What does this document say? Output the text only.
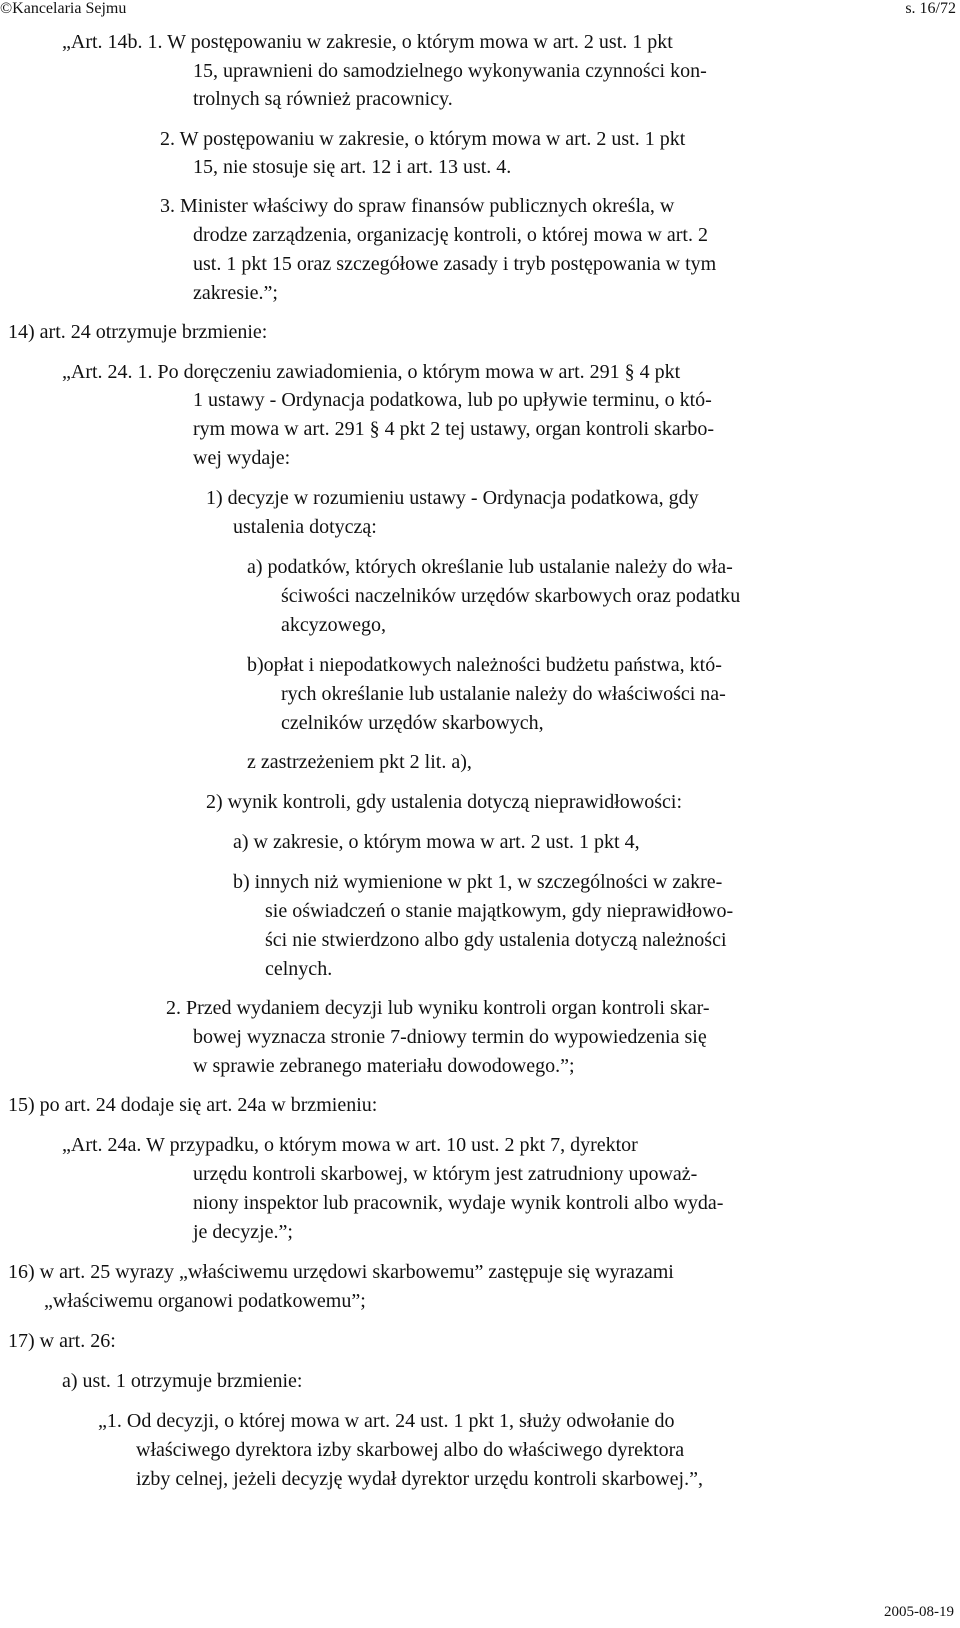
©Kancelaria Sejmu	s. 16/72
„Art. 14b. 1. W postępowaniu w zakresie, o którym mowa w art. 2 ust. 1 pkt
15, uprawnieni do samodzielnego wykonywania czynności kon-
trolnych są również pracownicy.
2. W postępowaniu w zakresie, o którym mowa w art. 2 ust. 1 pkt
15, nie stosuje się art. 12 i art. 13 ust. 4.
3. Minister właściwy do spraw finansów publicznych określa, w
drodze zarządzenia, organizację kontroli, o której mowa w art. 2
ust. 1 pkt 15 oraz szczegółowe zasady i tryb postępowania w tym
zakresie.”;
14) art. 24 otrzymuje brzmienie:
„Art. 24. 1. Po doręczeniu zawiadomienia, o którym mowa w art. 291 § 4 pkt
1 ustawy - Ordynacja podatkowa, lub po upływie terminu, o któ-
rym mowa w art. 291 § 4 pkt 2 tej ustawy, organ kontroli skarbo-
wej wydaje:
1) decyzje w rozumieniu ustawy - Ordynacja podatkowa, gdy
ustalenia dotyczą:
a) podatków, których określanie lub ustalanie należy do wła-
ściwości naczelników urzędów skarbowych oraz podatku
akcyzowego,
b)opłat i niepodatkowych należności budżetu państwa, któ-
rych określanie lub ustalanie należy do właściwości na-
czelników urzędów skarbowych,
z zastrzeżeniem pkt 2 lit. a),
2) wynik kontroli, gdy ustalenia dotyczą nieprawidłowości:
a) w zakresie, o którym mowa w art. 2 ust. 1 pkt 4,
b) innych niż wymienione w pkt 1, w szczególności w zakre-
sie oświadczeń o stanie majątkowym, gdy nieprawidłowo-
ści nie stwierdzono albo gdy ustalenia dotyczą należności
celnych.
2. Przed wydaniem decyzji lub wyniku kontroli organ kontroli skar-
bowej wyznacza stronie 7-dniowy termin do wypowiedzenia się
w sprawie zebranego materiału dowodowego.”;
15) po art. 24 dodaje się art. 24a w brzmieniu:
„Art. 24a. W przypadku, o którym mowa w art. 10 ust. 2 pkt 7, dyrektor
urzędu kontroli skarbowej, w którym jest zatrudniony upoważ-
niony inspektor lub pracownik, wydaje wynik kontroli albo wyda-
je decyzje.”;
16) w art. 25 wyrazy „właściwemu urzędowi skarbowemu” zastępuje się wyrazami
„właściwemu organowi podatkowemu”;
17) w art. 26:
a) ust. 1 otrzymuje brzmienie:
„1. Od decyzji, o której mowa w art. 24 ust. 1 pkt 1, służy odwołanie do
właściwego dyrektora izby skarbowej albo do właściwego dyrektora
izby celnej, jeżeli decyzję wydał dyrektor urzędu kontroli skarbowej.”,
2005-08-19
